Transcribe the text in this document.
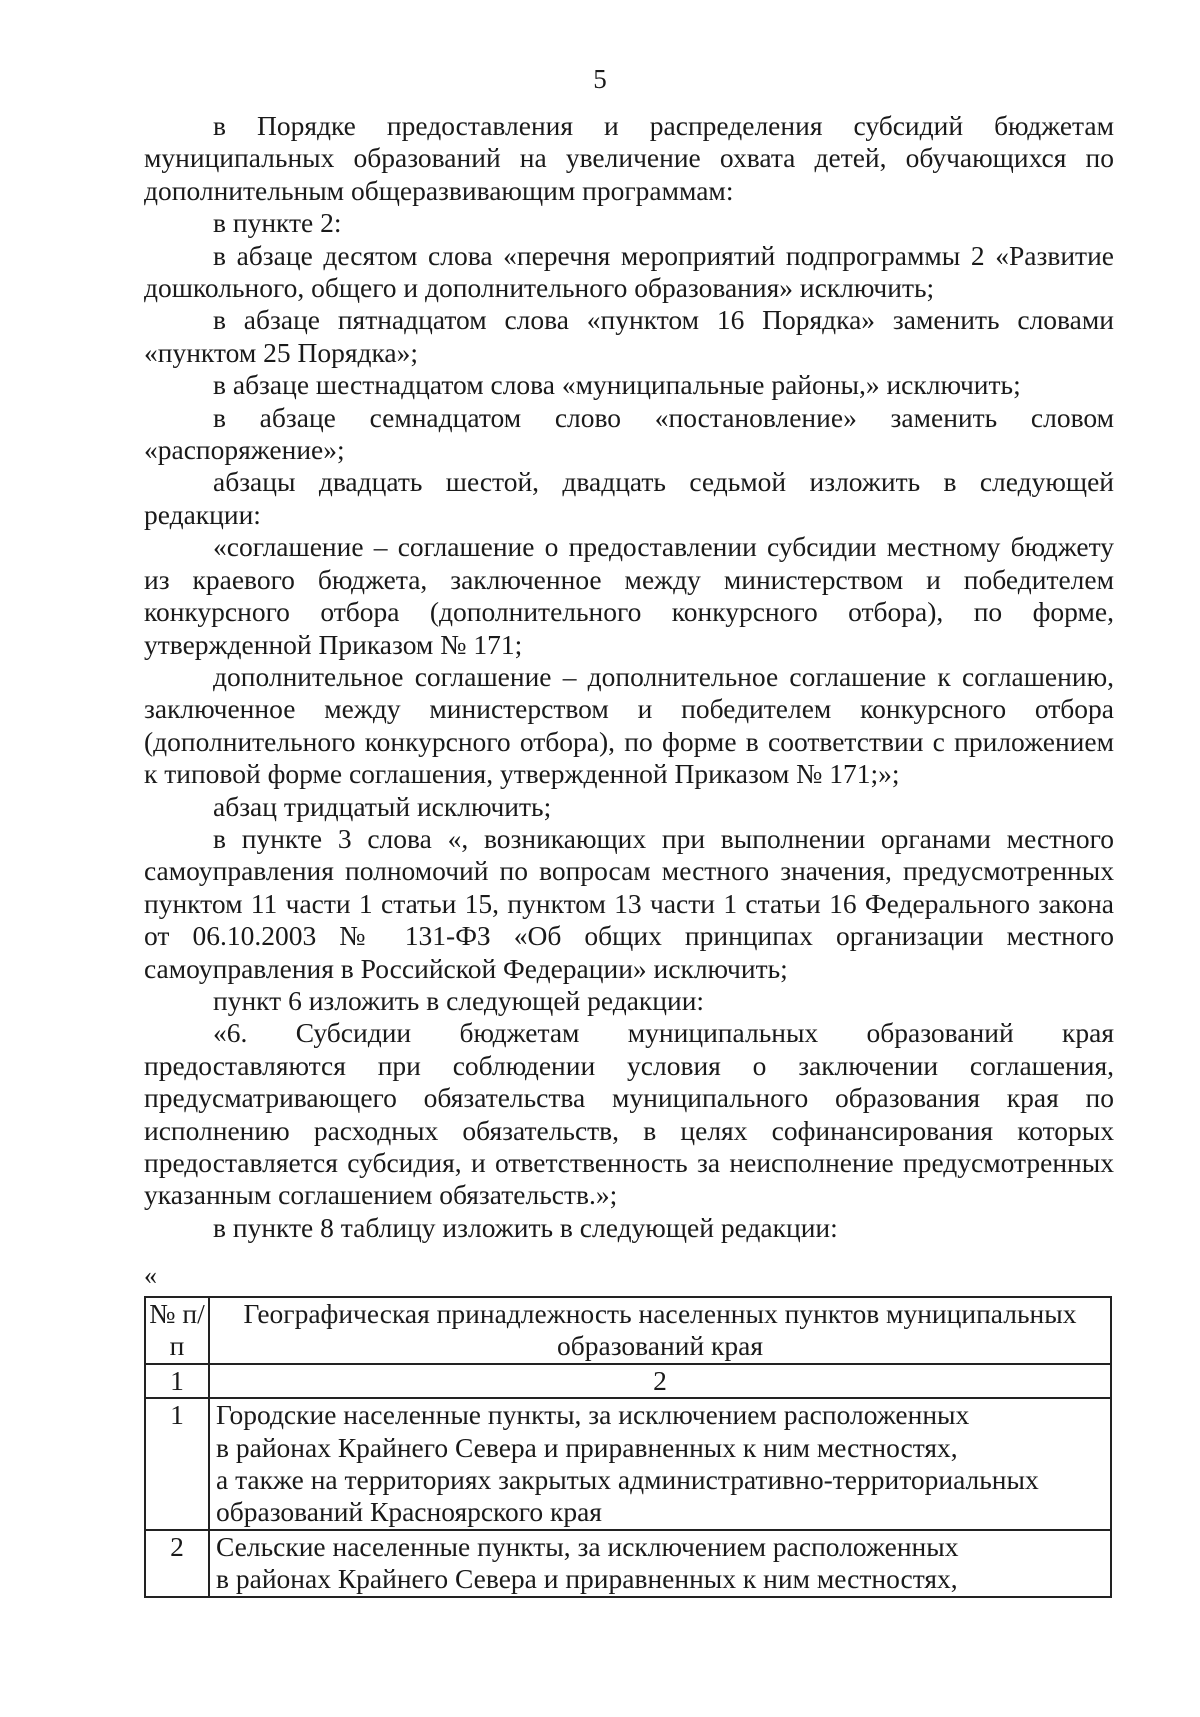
5

в Порядке предоставления и распределения субсидий бюджетам муниципальных образований на увеличение охвата детей, обучающихся по дополнительным общеразвивающим программам:

в пункте 2:

в абзаце десятом слова «перечня мероприятий подпрограммы 2 «Развитие дошкольного, общего и дополнительного образования» исключить;

в абзаце пятнадцатом слова «пунктом 16 Порядка» заменить словами «пунктом 25 Порядка»;

в абзаце шестнадцатом слова «муниципальные районы,» исключить;

в абзаце семнадцатом слово «постановление» заменить словом «распоряжение»;

абзацы двадцать шестой, двадцать седьмой изложить в следующей редакции:

«соглашение – соглашение о предоставлении субсидии местному бюджету из краевого бюджета, заключенное между министерством и победителем конкурсного отбора (дополнительного конкурсного отбора), по форме, утвержденной Приказом № 171;

дополнительное соглашение – дополнительное соглашение к соглашению, заключенное между министерством и победителем конкурсного отбора (дополнительного конкурсного отбора), по форме в соответствии с приложением к типовой форме соглашения, утвержденной Приказом № 171;»;

абзац тридцатый исключить;

в пункте 3 слова «, возникающих при выполнении органами местного самоуправления полномочий по вопросам местного значения, предусмотренных пунктом 11 части 1 статьи 15, пунктом 13 части 1 статьи 16 Федерального закона от 06.10.2003 № 131-ФЗ «Об общих принципах организации местного самоуправления в Российской Федерации» исключить;

пункт 6 изложить в следующей редакции:

«6. Субсидии бюджетам муниципальных образований края предоставляются при соблюдении условия о заключении соглашения, предусматривающего обязательства муниципального образования края по исполнению расходных обязательств, в целях софинансирования которых предоставляется субсидия, и ответственность за неисполнение предусмотренных указанным соглашением обязательств.»;

в пункте 8 таблицу изложить в следующей редакции:

«
№ п/п	Географическая принадлежность населенных пунктов муниципальных образований края
1	2
1	Городские населенные пункты, за исключением расположенных
в районах Крайнего Севера и приравненных к ним местностях,
а также на территориях закрытых административно-территориальных
образований Красноярского края

2	Сельские населенные пункты, за исключением расположенных
в районах Крайнего Севера и приравненных к ним местностях,
